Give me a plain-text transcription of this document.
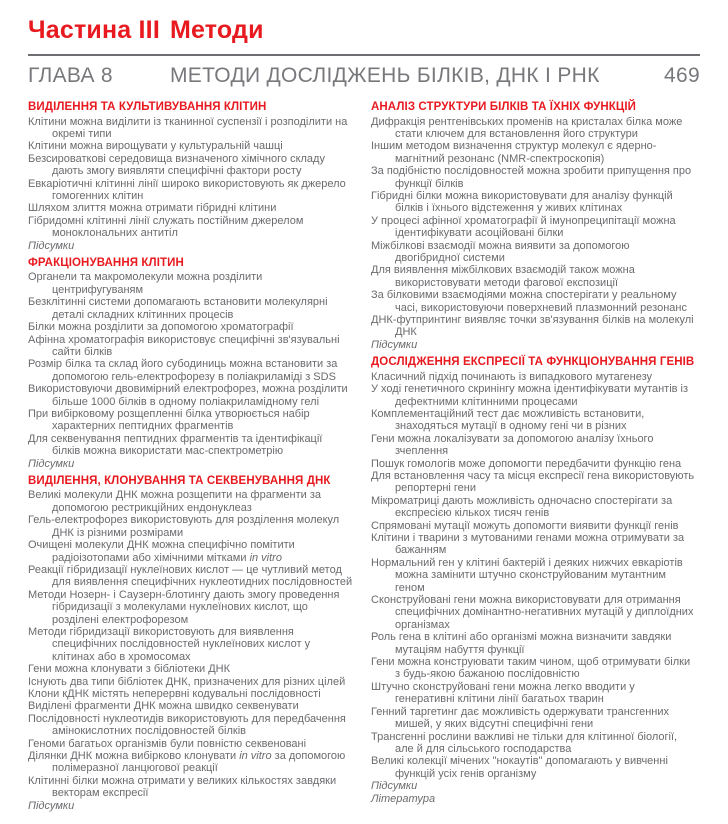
Частина III Методи
ГЛАВА 8	МЕТОДИ ДОСЛІДЖЕНЬ БІЛКІВ, ДНК І РНК	469
ВИДІЛЕННЯ ТА КУЛЬТИВУВАННЯ КЛІТИН

Клітини можна виділити із тканинної суспензії і розподілити на окремі типи

Клітини можна вирощувати у культуральній чашці

Безсироваткові середовища визначеного хімічного складу дають змогу виявляти специфічні фактори росту

Евкаріотичні клітинні лінії широко використовують як джерело гомогенних клітин

Шляхом злиття можна отримати гібридні клітини

Гібридомні клітинні лінії служать постійним джерелом моноклональних антитіл

Підсумки

ФРАКЦІОНУВАННЯ КЛІТИН

Органели та макромолекули можна розділити центрифугуваням

Безклітинні системи допомагають встановити молекулярні деталі складних клітинних процесів

Білки можна розділити за допомогою хроматографії

Афінна хроматографія використовує специфічні зв'язувальні сайти білків

Розмір білка та склад його субодиниць можна встановити за допомогою гель-електрофорезу в поліакриламіді з SDS

Використовуючи двовимірний електрофорез, можна розділити більше 1000 білків в одному поліакриламідному гелі

При вибірковому розщепленні білка утворюється набір характерних пептидних фрагментів

Для секвенування пептидних фрагментів та ідентифікації білків можна використати мас-спектрометрію

Підсумки

ВИДІЛЕННЯ, КЛОНУВАННЯ ТА СЕКВЕНУВАННЯ ДНК

Великі молекули ДНК можна розщепити на фрагменти за допомогою рестрикційних ендонуклеаз

Гель-електрофорез використовують для розділення молекул ДНК із різними розмірами

Очищені молекули ДНК можна специфічно помітити радіоізотопами або хімічними мітками in vitro

Реакції гібридизації нуклеїнових кислот — це чутливий метод для виявлення специфічних нуклеотидних послідовностей

Методи Нозерн- і Саузерн-блотингу дають змогу проведення гібридизації з молекулами нуклеїнових кислот, що розділені електрофорезом

Методи гібридизації використовують для виявлення специфічних послідовностей нуклеїнових кислот у клітинах або в хромосомах

Гени можна клонувати з бібліотеки ДНК

Існують два типи бібліотек ДНК, призначених для різних цілей

Клони кДНК містять неперервні кодувальні послідовності

Виділені фрагменти ДНК можна швидко секвенувати

Послідовності нуклеотидів використовують для передбачення амінокислотних послідовностей білків

Геноми багатьох організмів були повністю секвеновані

Ділянки ДНК можна вибірково клонувати in vitro за допомогою полімеразної ланцюгової реакції

Клітинні білки можна отримати у великих кількостях завдяки векторам експресії

Підсумки

АНАЛІЗ СТРУКТУРИ БІЛКІВ ТА ЇХНІХ ФУНКЦІЙ

Дифракція рентгенівських променів на кристалах білка може стати ключем для встановлення його структури

Іншим методом визначення структур молекул є ядерно-магнітний резонанс (NMR-спектроскопія)

За подібністю послідовностей можна зробити припущення про функції білків

Гібридні білки можна використовувати для аналізу функцій білків і їхнього відстеження у живих клітинах

У процесі афінної хроматографії й імунопреципітації можна ідентифікувати асоційовані білки

Міжбілкові взаємодії можна виявити за допомогою двогібридної системи

Для виявлення міжбілкових взаємодій також можна використовувати методи фагової експозиції

За білковими взаємодіями можна спостерігати у реальному часі, використовуючи поверхневий плазмонний резонанс

ДНК-футпринтинг виявляє точки зв'язування білків на молекулі ДНК

Підсумки

ДОСЛІДЖЕННЯ ЕКСПРЕСІЇ ТА ФУНКЦІОНУВАННЯ ГЕНІВ

Класичний підхід починають із випадкового мутагенезу

У ході генетичного скринінгу можна ідентифікувати мутантів із дефектними клітинними процесами

Комплементаційний тест дає можливість встановити, знаходяться мутації в одному гені чи в різних

Гени можна локалізувати за допомогою аналізу їхнього зчеплення

Пошук гомологів може допомогти передбачити функцію гена

Для встановлення часу та місця експресії гена використовують репортерні гени

Мікроматриці дають можливість одночасно спостерігати за експресією кількох тисяч генів

Спрямовані мутації можуть допомогти виявити функції генів

Клітини і тварини з мутованими генами можна отримувати за бажанням

Нормальний ген у клітині бактерій і деяких нижчих евкаріотів можна замінити штучно сконструйованим мутантним геном

Сконструйовані гени можна використовувати для отримання специфічних домінантно-негативних мутацій у диплоїдних організмах

Роль гена в клітині або організмі можна визначити завдяки мутаціям набуття функції

Гени можна конструювати таким чином, щоб отримувати білки з будь-якою бажаною послідовністю

Штучно сконструйовані гени можна легко вводити у генеративні клітини лінії багатьох тварин

Генний таргетинг дає можливість одержувати трансгенних мишей, у яких відсутні специфічні гени

Трансгенні рослини важливі не тільки для клітинної біології, але й для сільського господарства

Великі колекції мічених "нокаутів" допомагають у вивченні функцій усіх генів організму

Підсумки

Література
